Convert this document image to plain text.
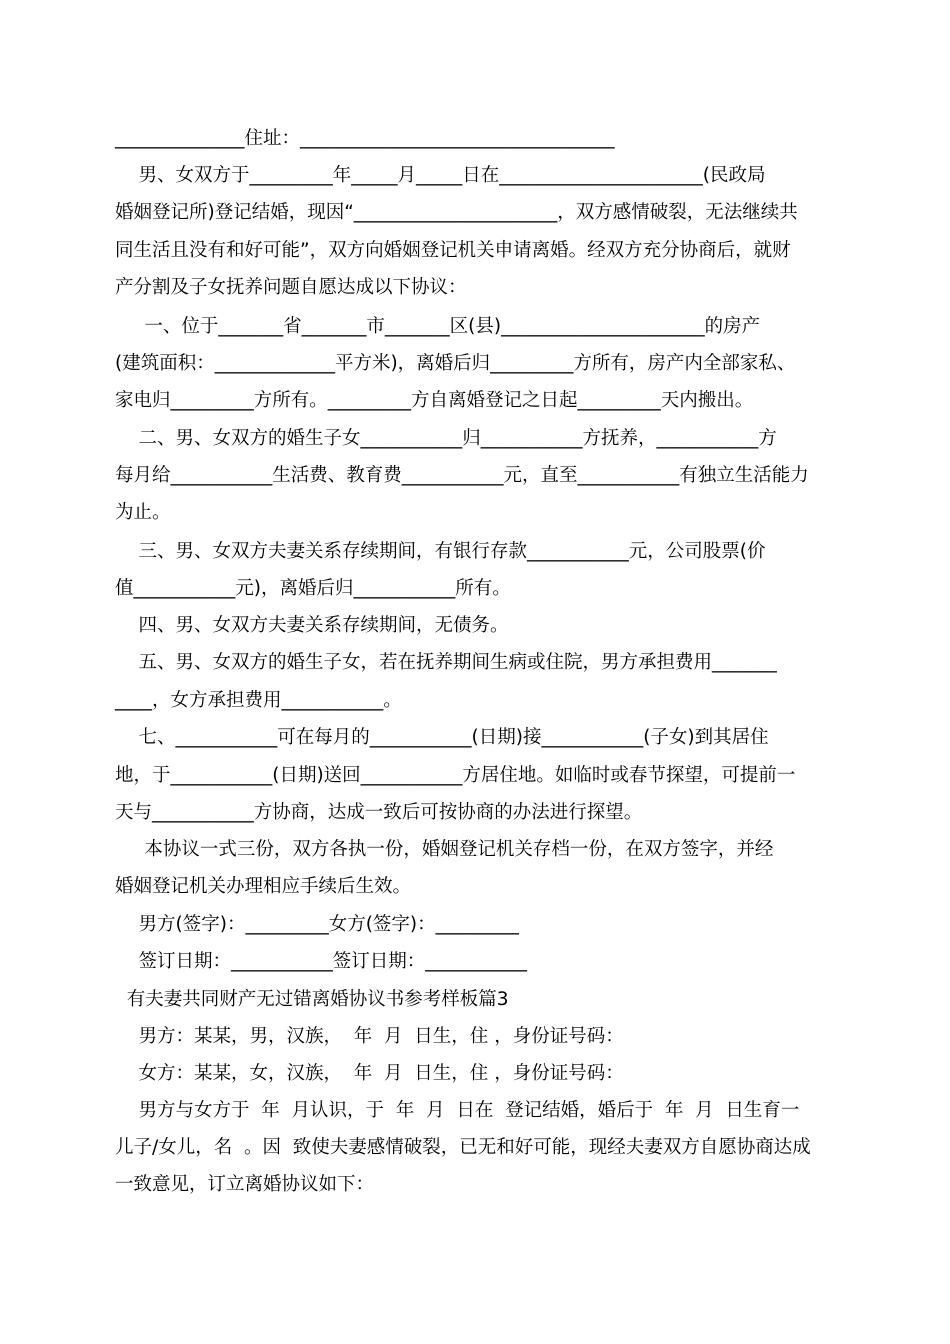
______________住址：__________________________________

男、女双方于_________年_____月_____日在______________________(民政局

婚姻登记所)登记结婚，现因“______________________，双方感情破裂，无法继续共

同生活且没有和好可能”，双方向婚姻登记机关申请离婚。经双方充分协商后，就财

产分割及子女抚养问题自愿达成以下协议：

一、位于_______省_______市_______区(县)______________________的房产

(建筑面积：_____________平方米)，离婚后归_________方所有，房产内全部家私、

家电归_________方所有。_________方自离婚登记之日起_________天内搬出。

二、男、女双方的婚生子女___________归___________方抚养，___________方

每月给___________生活费、教育费___________元，直至___________有独立生活能力

为止。

三、男、女双方夫妻关系存续期间，有银行存款___________元，公司股票(价

值___________元)，离婚后归___________所有。

四、男、女双方夫妻关系存续期间，无债务。

五、男、女双方的婚生子女，若在抚养期间生病或住院，男方承担费用_______

____，女方承担费用___________。

七、___________可在每月的___________(日期)接___________(子女)到其居住

地，于___________(日期)送回___________方居住地。如临时或春节探望，可提前一

天与___________方协商，达成一致后可按协商的办法进行探望。

本协议一式三份，双方各执一份，婚姻登记机关存档一份，在双方签字，并经

婚姻登记机关办理相应手续后生效。

男方(签字)：_________女方(签字)：_________

签订日期：___________签订日期：___________

有夫妻共同财产无过错离婚协议书参考样板篇3

男方：某某，男，汉族，  年  月  日生，住 ，身份证号码：

女方：某某，女，汉族，  年  月  日生，住 ，身份证号码：

男方与女方于  年  月认识，于  年  月  日在  登记结婚，婚后于  年  月  日生育一

儿子/女儿，名  。因  致使夫妻感情破裂，已无和好可能，现经夫妻双方自愿协商达成

一致意见，订立离婚协议如下：
